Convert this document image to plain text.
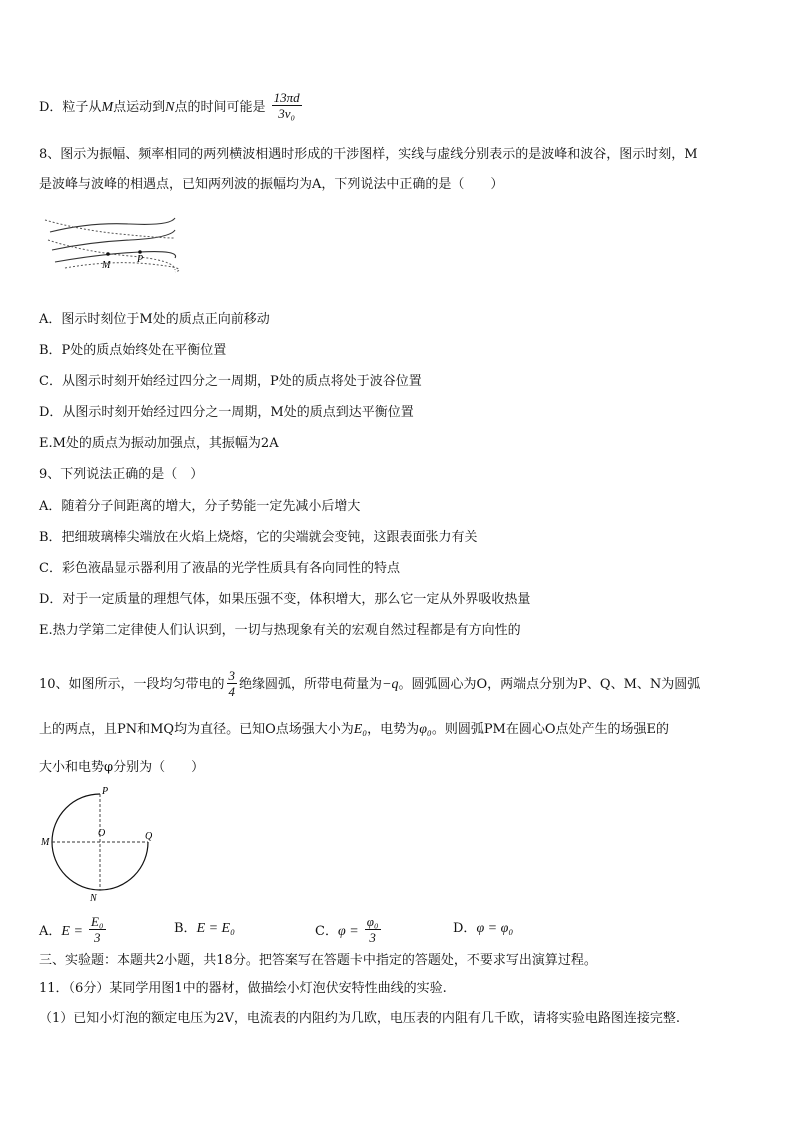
D．粒子从M点运动到N点的时间可能是 $\frac{13\pi d}{\text{3v₀}}$
8、图示为振幅、频率相同的两列横波相遇时形成的干涉图样，实线与虚线分别表示的是波峰和波谷，图示时刻，M
是波峰与波峰的相遇点，已知两列波的振幅均为A，下列说法中正确的是（　　）
M
P
A．图示时刻位于M处的质点正向前移动
B．P处的质点始终处在平衡位置
C．从图示时刻开始经过四分之一周期，P处的质点将处于波谷位置
D．从图示时刻开始经过四分之一周期，M处的质点到达平衡位置
E.M处的质点为振动加强点，其振幅为2A
9、下列说法正确的是（　）
A．随着分子间距离的增大，分子势能一定先减小后增大
B．把细玻璃棒尖端放在火焰上烧熔，它的尖端就会变钝，这跟表面张力有关
C．彩色液晶显示器利用了液晶的光学性质具有各向同性的特点
D．对于一定质量的理想气体，如果压强不变，体积增大，那么它一定从外界吸收热量
E.热力学第二定律使人们认识到，一切与热现象有关的宏观自然过程都是有方向性的
10、如图所示，一段均匀带电的 $\frac{3}{4}$ 绝缘圆弧，所带电荷量为−q。圆弧圆心为O，两端点分别为P、Q、M、N为圆弧
上的两点，且PN和MQ均为直径。已知O点场强大小为E₀，电势为φ₀。则圆弧PM在圆心O点处产生的场强E的
大小和电势φ分别为（　　）
P
O
M
Q
N
A．$E = \frac{\text{E₀}}{3}$	B．E = E₀	C．$\varphi = \frac{\text{φ₀}}{3}$	D．φ = φ₀
三、实验题：本题共2小题，共18分。把答案写在答题卡中指定的答题处，不要求写出演算过程。
11．（6分）某同学用图1中的器材，做描绘小灯泡伏安特性曲线的实验.
（1）已知小灯泡的额定电压为2V，电流表的内阻约为几欧，电压表的内阻有几千欧，请将实验电路图连接完整.
